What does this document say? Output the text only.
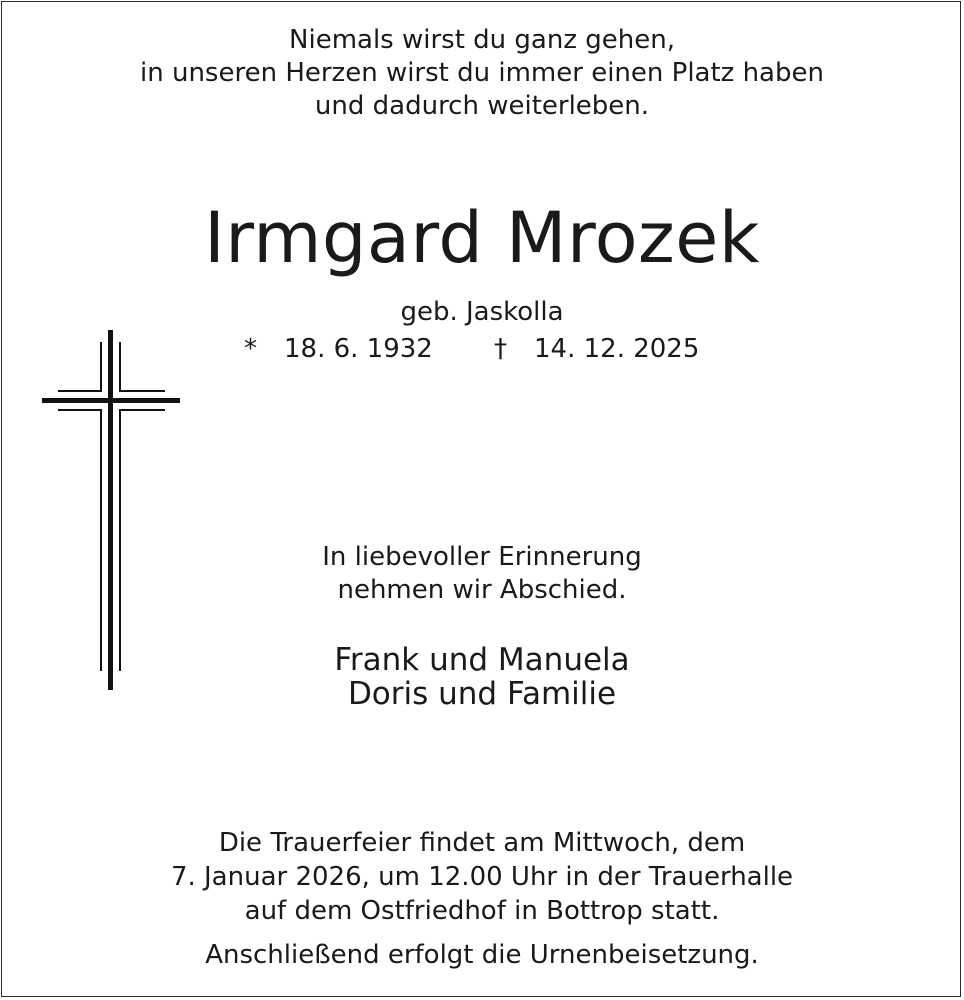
Niemals wirst du ganz gehen,
in unseren Herzen wirst du immer einen Platz haben
und dadurch weiterleben.
Irmgard Mrozek
geb. Jaskolla
* 18. 6. 1932 † 14. 12. 2025
In liebevoller Erinnerung
nehmen wir Abschied.
Frank und Manuela
Doris und Familie
Die Trauerfeier findet am Mittwoch, dem
7. Januar 2026, um 12.00 Uhr in der Trauerhalle
auf dem Ostfriedhof in Bottrop statt.
Anschließend erfolgt die Urnenbeisetzung.
